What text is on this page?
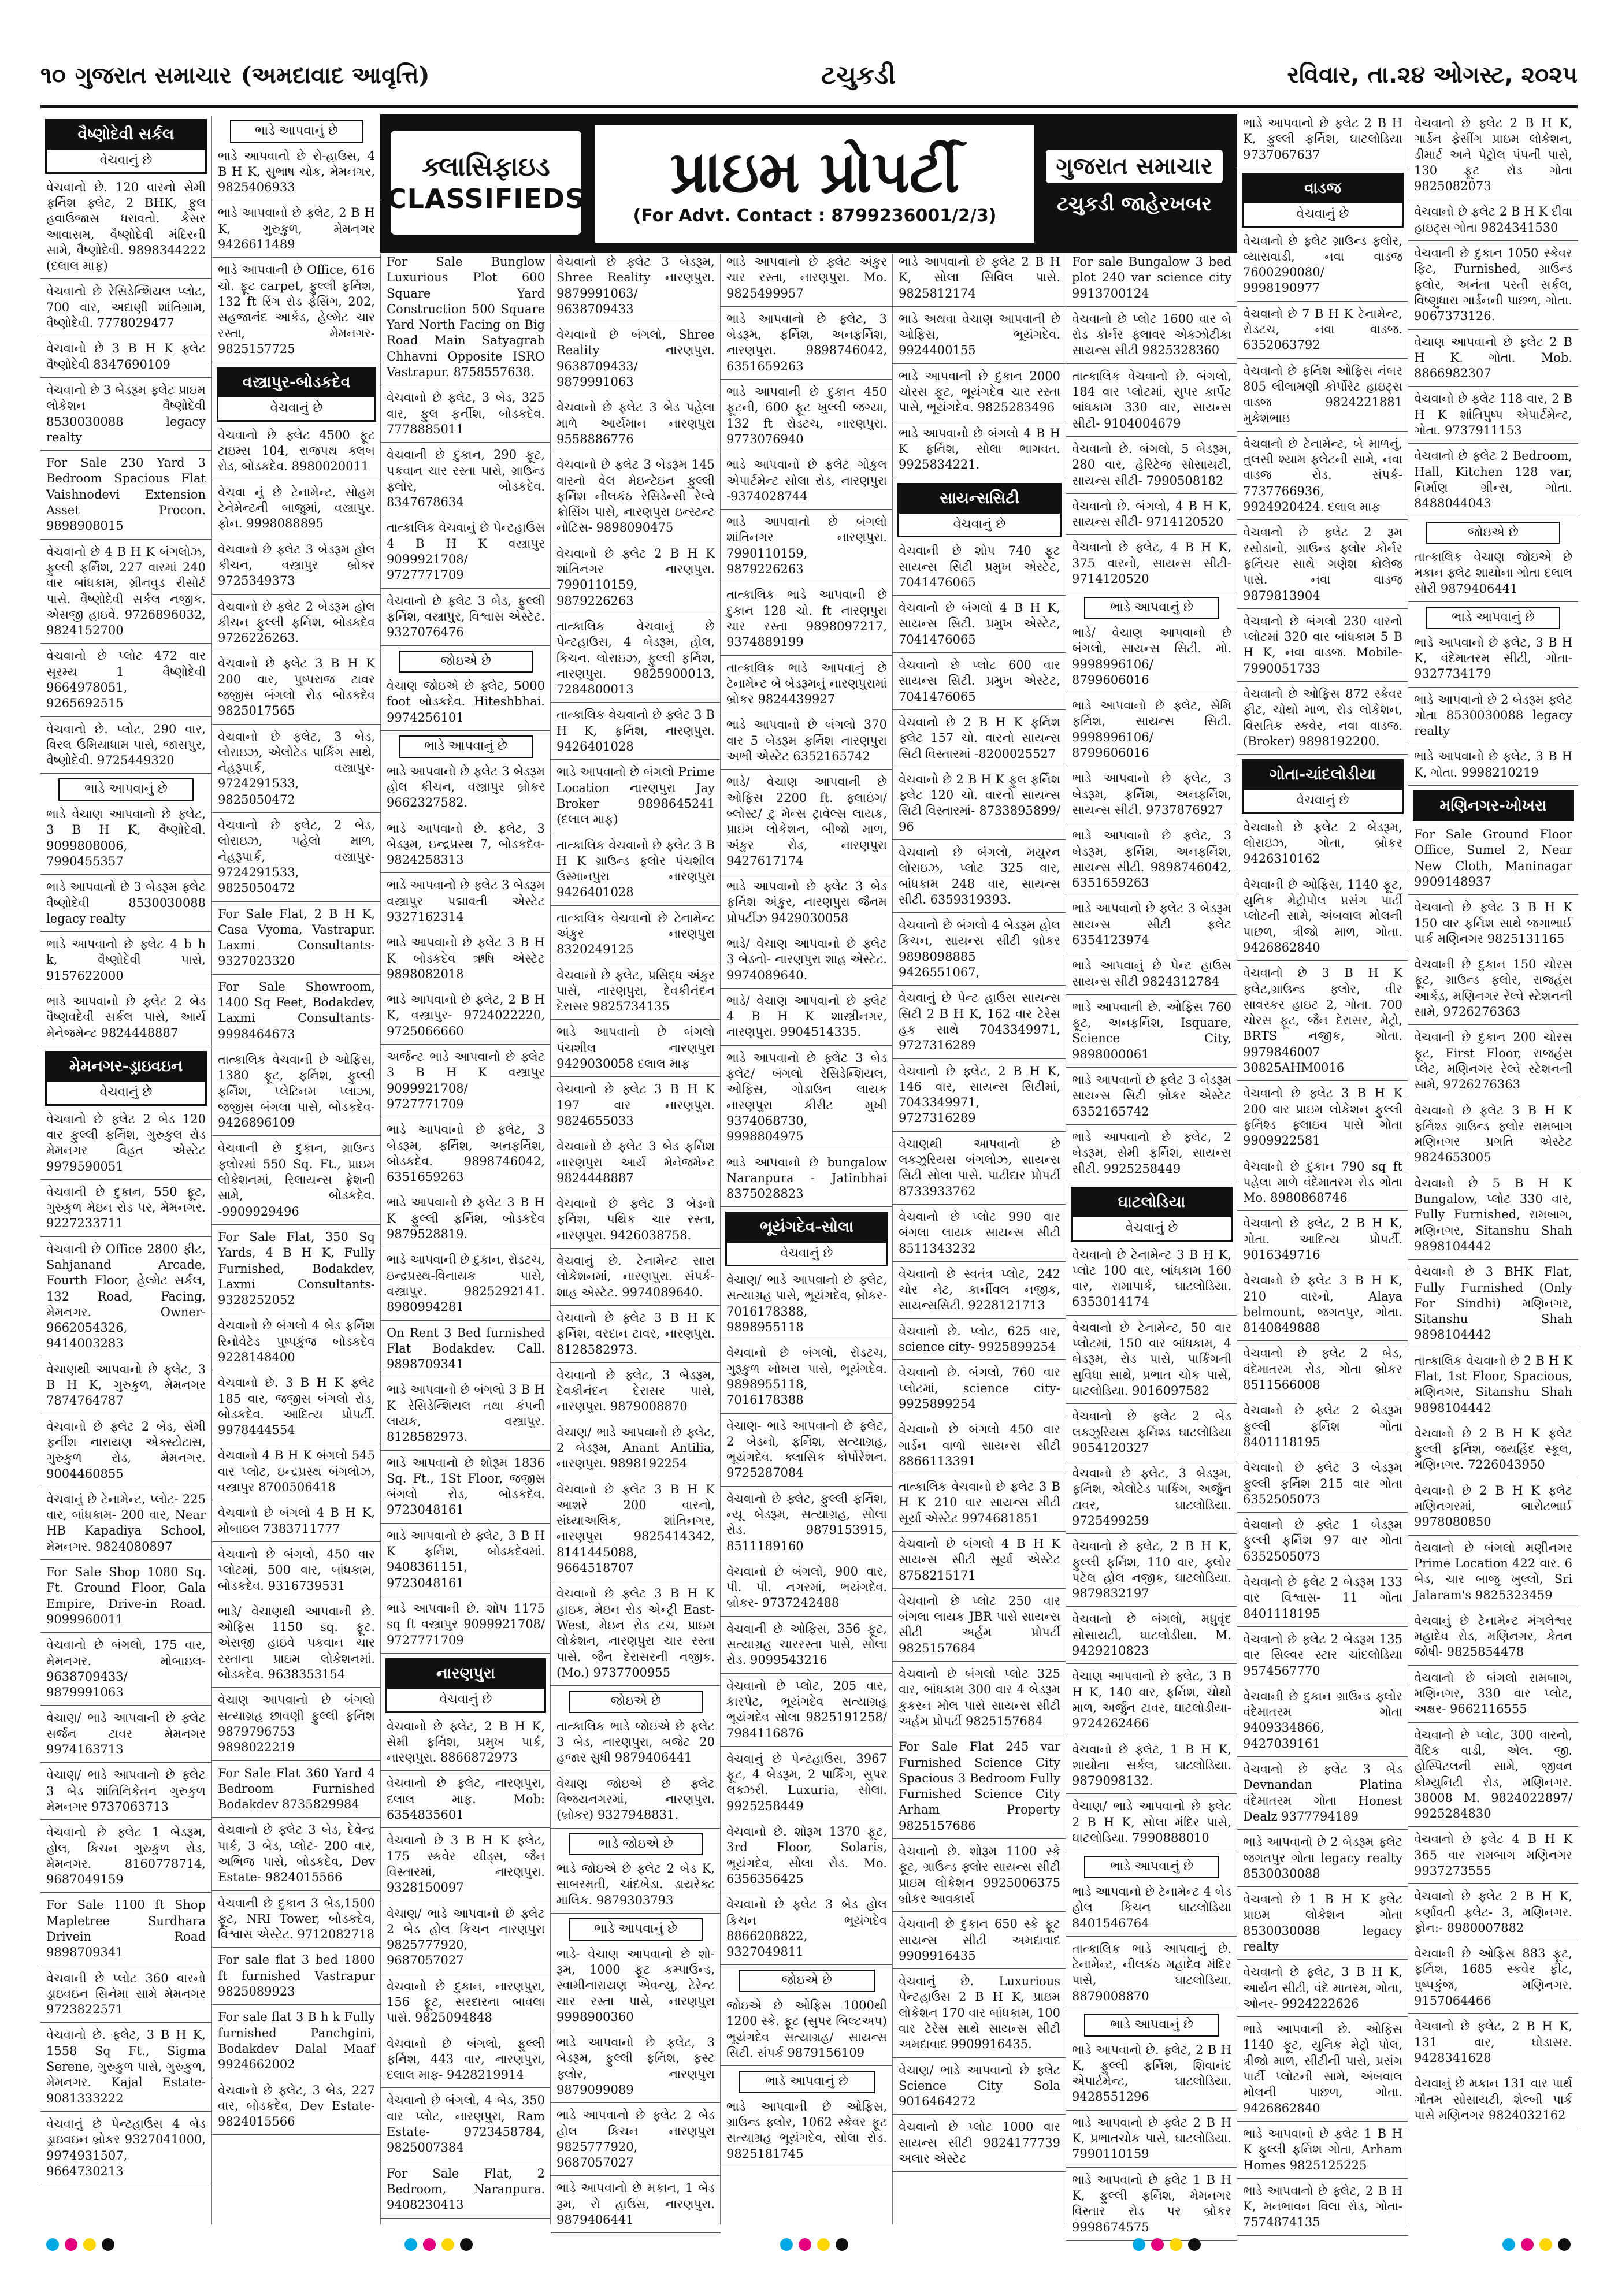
૧૦ ગુજરાત સમાચાર (અમદાવાદ આવૃત્તિ)	ટચુકડી	રવિવાર, તા.૨૪ ઓગસ્ટ, ૨૦૨૫
વૈષ્ણોદેવી સર્કલ
વેચવાનું છે

વેચવાનો છે. 120 વારનો સેમી ફર્નિશ ફ્લેટ, 2 BHK, ફુલ હવાઉજાસ ધરાવતો. કેસર આવાસમ, વૈષ્ણોદેવી મંદિરની સામે, વૈષ્ણોદેવી. 9898344222 (દલાલ માફ)

વેચવાનો છે રેસિડેન્શિયલ પ્લોટ, 700 વાર, અદાણી શાંતિગ્રામ, વૈષ્ણોદેવી. 7778029477

વેચવાનો છે 3 B H K ફ્લેટ વૈષ્ણોદેવી 8347690109

વેચવાનો છે 3 બેડરૂમ ફ્લેટ પ્રાઇમ લોકેશન વૈષ્ણોદેવી 8530030088 legacy realty

For Sale 230 Yard 3 Bedroom Spacious Flat Vaishnodevi Extension Asset Procon. 9898908015

વેચવાનો છે 4 B H K બંગલોઝ, ફુલ્લી ફર્નિશ, 227 વારમાં 240 વાર બાંધકામ, ગ્રીનવુડ રીસોર્ટ પાસે. વૈષ્ણોદેવી સર્કલ નજીક. એસજી હાઇવે. 9726896032, 9824152700

વેચવાનો છે પ્લોટ 472 વાર સૂરમ્ય 1 વૈષ્ણોદેવી 9664978051, 9265692515

વેચવાનો છે. પ્લોટ, 290 વાર, વિરલ ઉમિયાધામ પાસે, જાસપુર, વૈષ્ણોદેવી. 9725449320

ભાડે આપવાનું છે

ભાડે વેચાણ આપવાનો છે ફ્લેટ, 3 B H K, વૈષ્ણોદેવી. 9099808006, 7990455357

ભાડે આપવાનો છે 3 બેડરૂમ ફ્લેટ વૈષ્ણોદેવી 8530030088 legacy realty

ભાડે આપવાનો છે ફ્લેટ 4 b h k, વૈષ્ણોદેવી પાસે, 9157622000

ભાડે આપવાનો છે ફ્લેટ 2 બેડ વૈષ્ણવદેવી સર્કલ પાસે, આર્ય મેનેજમેન્ટ 9824448887

મેમનગર-ડ્રાઇવઇન
વેચવાનું છે

વેચવાનો છે ફ્લેટ 2 બેડ 120 વાર ફુલ્લી ફર્નિશ, ગુરુકુલ રોડ મેમનગર વિહત એસ્ટેટ 9979590051

વેચવાની છે દુકાન, 550 ફૂટ, ગુરુકુળ મેઇન રોડ પર, મેમનગર. 9227233711

વેચવાની છે Office 2800 ફીટ, Sahjanand Arcade, Fourth Floor, હેલ્મેટ સર્કલ, 132 Road, Facing, મેમનગર. Owner- 9662054326, 9414003283

વેચાણથી આપવાનો છે ફ્લેટ, 3 B H K, ગુરુકુળ, મેમનગર 7874764787

વેચવાનો છે ફ્લેટ 2 બેડ, સેમી ફર્નીશ નારાયણ એક્સ્ટોટાસ, ગુરુકુળ રોડ, મેમનગર. 9004460855

વેચવાનું છે ટેનામેન્ટ, પ્લોટ- 225 વાર, બાંધકામ- 200 વાર, Near HB Kapadiya School, મેમનગર. 9824080897

For Sale Shop 1080 Sq. Ft. Ground Floor, Gala Empire, Drive-in Road. 9099960011

વેચવાનો છે બંગલો, 175 વાર, મેમનગર. મોબાઇલ- 9638709433/ 9879991063

વેચાણ/ ભાડે આપવાની છે ફ્લેટ સર્જન ટાવર મેમનગર 9974163713

વેચાણ/ ભાડે આપવાનો છે ફ્લેટ 3 બેડ શાંતિનિકેતન ગુરુકુળ મેમનગર 9737063713

વેચવાનો છે ફ્લેટ 1 બેડરૂમ, હોલ, કિચન ગુરુકુળ રોડ, મેમનગર. 8160778714, 9687049159

For Sale 1100 ft Shop Mapletree Surdhara Drivein Road 9898709341

વેચવાની છે પ્લોટ 360 વારનો ડ્રાઇવઇન સિનેમા સામે મેમનગર 9723822571

વેચવાનો છે. ફ્લેટ, 3 B H K, 1558 Sq Ft., Sigma Serene, ગુરુકુળ પાસે, ગુરુકુળ, મેમનગર. Kajal Estate- 9081333222

વેચવાનું છે પેન્ટહાઉસ 4 બેડ ડ્રાઇવઇન બ્રોકર 9327041000, 9974931507, 9664730213

ભાડે આપવાનું છે

ભાડે આપવાનો છે રો-હાઉસ, 4 B H K, સુભાષ ચોક, મેમનગર, 9825406933

ભાડે આપવાનો છે ફ્લેટ, 2 B H K, ગુરુકુળ, મેમનગર 9426611489

ભાડે આપવાની છે Office, 616 ચો. ફૂટ carpet, ફુલ્લી ફર્નિશ, 132 ft રિંગ રોડ ફેસિંગ, 202, સહજાનંદ આર્કેડ, હેલ્મેટ ચાર રસ્તા, મેમનગર- 9825157725

વસ્ત્રાપુર-બોડકદેવ
વેચવાનું છે

વેચવાનો છે ફ્લેટ 4500 ફૂટ ટાઇમ્સ 104, રાજપથ ક્લબ રોડ, બોડકદેવ. 8980020011

વેચવા નું છે ટેનામેન્ટ, સોહમ ટેનેમેન્ટની બાજુમાં, વસ્ત્રાપુર. ફોન. 9998088895

વેચવાનો છે ફ્લેટ 3 બેડરૂમ હોલ કીચન, વસ્ત્રાપુર બ્રોકર 9725349373

વેચવાનો છે ફ્લેટ 2 બેડરૂમ હોલ કીચન ફુલ્લી ફર્નિશ, બોડકદેવ 9726226263.

વેચવાનો છે ફ્લેટ 3 B H K 200 વાર, પુષ્પરાજ ટાવર જજીસ બંગલો રોડ બોડકદેવ 9825017565

વેચવાનો છે ફ્લેટ, 3 બેડ, લોરાઇઝ, એલોટેડ પાર્કિંગ સાથે, નેહરૂપાર્ક, વસ્ત્રાપુર- 9724291533, 9825050472

વેચવાનો છે ફ્લેટ, 2 બેડ, લોરાઇઝ, પહેલો માળ, નેહરૂપાર્ક, વસ્ત્રાપુર- 9724291533, 9825050472

For Sale Flat, 2 B H K, Casa Vyoma, Vastrapur. Laxmi Consultants- 9327023320

For Sale Showroom, 1400 Sq Feet, Bodakdev, Laxmi Consultants- 9998464673

તાત્કાલિક વેચવાની છે ઓફિસ, 1380 ફૂટ, ફર્નિશ, ફુલ્લી ફર્નિશ, પ્લેટિનમ પ્લાઝા, જજીસ બંગલા પાસે, બોડકદેવ- 9426896109

વેચવાની છે દુકાન, ગ્રાઉન્ડ ફ્લોરમાં 550 Sq. Ft., પ્રાઇમ લોકેશનમાં, રિલાયન્સ ફ્રેશની સામે, બોડકદેવ. -9909929496

For Sale Flat, 350 Sq Yards, 4 B H K, Fully Furnished, Bodakdev, Laxmi Consultants- 9328252052

વેચવાનો છે બંગલો 4 બેડ ફર્નિશ રિનોવેટેડ પુષ્પકુંજ બોડકદેવ 9228148400

વેચવાનો છે. 3 B H K ફ્લેટ 185 વાર, જજીસ બંગલો રોડ, બોડકદેવ. આદિત્ય પ્રોપર્ટી. 9978444554

વેચવાનો 4 B H K બંગલો 545 વાર પ્લોટ, ઇન્દ્રપ્રસ્થ બંગલોઝ, વસ્ત્રાપુર 8700506418

વેચવાનો છે બંગલો 4 B H K, મોબાઇલ 7383711777

વેચવાનો છે બંગલો, 450 વાર પ્લોટમાં, 500 વાર, બાંધકામ, બોડકદેવ. 9316739531

ભાડે/ વેચાણથી આપવાની છે. ઓફિસ 1150 sq. ફૂટ. એસજી હાઇવે પકવાન ચાર રસ્તાના પ્રાઇમ લોકેશનમાં. બોડકદેવ. 9638353154

વેચાણ આપવાનો છે બંગલો સત્યાગ્રહ છાવણી ફુલ્લી ફર્નિશ 9879796753 9898022219

For Sale Flat 360 Yard 4 Bedroom Furnished Bodakdev 8735829984

વેચવાનો છે ફ્લેટ 3 બેડ, દેવેન્દ્ર પાર્ક, 3 બેડ, પ્લોટ- 200 વાર, અભિજ પાસે, બોડકદેવ, Dev Estate- 9824015566

વેચવાની છે દુકાન 3 બેડ,1500 ફૂટ, NRI Tower, બોડકદેવ, વિશ્વાસ એસ્ટેટ. 9712082718

For sale flat 3 bed 1800 ft furnished Vastrapur 9825089923

For sale flat 3 B h k Fully furnished Panchgini, Bodakdev Dalal Maaf 9924662002

વેચવાનો છે ફ્લેટ, 3 બેડ, 227 વાર, બોડકદેવ, Dev Estate- 9824015566

For Sale Bunglow Luxurious Plot 600 Square Yard Construction 500 Square Yard North Facing on Big Road Main Satyagrah Chhavni Opposite ISRO Vastrapur. 8758557638.

વેચવાનો છે ફ્લેટ, 3 બેડ, 325 વાર, ફુલ ફર્નીશ, બોડકદેવ. 7778885011

વેચવાની છે દુકાન, 290 ફૂટ, પકવાન ચાર રસ્તા પાસે, ગ્રાઉન્ડ ફ્લોર, બોડકદેવ. 8347678634

તાત્કાલિક વેચવાનું છે પેન્ટહાઉસ 4 B H K વસ્ત્રાપુર 9099921708/ 9727771709

વેચવાનો છે ફ્લેટ 3 બેડ, ફુલ્લી ફર્નિશ, વસ્ત્રાપુર, વિશ્વાસ એસ્ટેટ. 9327076476

જોઇએ છે

વેચાણ જોઇએ છે ફ્લેટ, 5000 foot બોડકદેવ. Hiteshbhai. 9974256101

ભાડે આપવાનું છે

ભાડે આપવાનો છે ફ્લેટ 3 બેડરૂમ હોલ કીચન, વસ્ત્રાપુર બ્રોકર 9662327582.

ભાડે આપવાનો છે. ફ્લેટ, 3 બેડરૂમ, ઇન્દ્રપ્રસ્થ 7, બોડકદેવ- 9824258313

ભાડે આપવાનો છે ફ્લેટ 3 બેડરૂમ વસ્ત્રાપુર પદ્માવતી એસ્ટેટ 9327162314

ભાડે આપવાનો છે ફ્લેટ 3 B H K બોડકદેવ ઋષિ એસ્ટેટ 9898082018

ભાડે આપવાનો છે ફ્લેટ, 2 B H K, વસ્ત્રાપુર- 9724022220, 9725066660

અર્જન્ટ ભાડે આપવાનો છે ફ્લેટ 3 B H K વસ્ત્રાપુર 9099921708/ 9727771709

ભાડે આપવાનો છે ફ્લેટ, 3 બેડરૂમ, ફર્નિશ, અનફર્નિશ, બોડકદેવ. 9898746042, 6351659263

ભાડે આપવાનો છે ફ્લેટ 3 B H K ફુલ્લી ફર્નિશ, બોડકદેવ 9879528819.

ભાડે આપવાની છે દુકાન, રોડટચ, ઇન્દ્રપ્રસ્થ-વિનાયક પાસે, વસ્ત્રાપુર. 9825292141. 8980994281

On Rent 3 Bed furnished Flat Bodakdev. Call. 9898709341

ભાડે આપવાનો છે બંગલો 3 B H K રેસિડેન્શિયલ તથા કંપની લાયક, વસ્ત્રાપુર. 8128582973.

ભાડે આપવાનો છે શોરૂમ 1836 Sq. Ft., 1St Floor, જજીસ બંગલો રોડ, બોડકદેવ. 9723048161

ભાડે આપવાનો છે ફ્લેટ, 3 B H K ફર્નિશ, બોડકદેવમાં. 9408361151, 9723048161

ભાડે આપવાની છે. શોપ 1175 sq ft વસ્ત્રાપુર 9099921708/ 9727771709

નારણપુરા
વેચવાનું છે

વેચવાનો છે ફ્લેટ, 2 B H K, સેમી ફર્નિશ, પ્રમુખ પાર્ક, નારણપુરા. 8866872973

વેચવાનો છે ફ્લેટ, નારણપુરા, દલાલ માફ. Mob: 6354835601

વેચવાનો છે 3 B H K ફ્લેટ, 175 સ્કવેર યીડ્સ, જૈન વિસ્તારમાં, નારણપુરા. 9328150097

વેચાણ/ ભાડે આપવાનો છે ફ્લેટ 2 બેડ હોલ કિચન નારણપુરા 9825777920, 9687057027

વેચવાનો છે દુકાન, નારણપુરા, 156 ફૂટ, સરદારના બાવલા પાસે. 9825094848

વેચવાનો છે બંગલો, ફુલ્લી ફર્નિશ, 443 વાર, નારણપુરા, દલાલ માફ- 9428219914

વેચવાનો છે બંગલો, 4 બેડ, 350 વાર પ્લોટ, નારણપુરા, Ram Estate- 9723458784, 9825007384

For Sale Flat, 2 Bedroom, Naranpura. 9408230413

વેચવાનો છે ફ્લેટ 3 બેડરૂમ, Shree Reality નારણપુરા. 9879991063/ 9638709433

વેચવાનો છે બંગલો, Shree Reality નારણપુરા. 9638709433/ 9879991063

વેચવાનો છે ફ્લેટ 3 બેડ પહેલા માળે આર્યમાન નારણપુરા 9558886776

વેચવાનો છે ફ્લેટ 3 બેડરૂમ 145 વારનો વેલ મેઇન્ટેઇન ફુલ્લી ફર્નિશ નીલકંઠ રેસિડેન્સી રેલ્વે ક્રોસિંગ પાસે, નારણપુરા ઇન્સ્ટન્ટ નોટિસ- 9898090475

વેચવાનો છે ફ્લેટ 2 B H K શાંતિનગર નારણપુરા. 7990110159, 9879226263

તાત્કાલિક વેચવાનું છે પેન્ટહાઉસ, 4 બેડરૂમ, હોલ, કિચન. લોરાઇઝ, ફુલ્લી ફર્નિશ, નારણપુરા. 9825900013, 7284800013

તાત્કાલિક વેચવાનો છે ફ્લેટ 3 B H K, ફર્નિશ, નારણપુરા. 9426401028

ભાડે આપવાનો છે બંગલો Prime Location નારણપુરા Jay Broker 9898645241 (દલાલ માફ)

તાત્કાલિક વેચવાનો છે ફ્લેટ 3 B H K ગ્રાઉન્ડ ફ્લોર પંચશીલ ઉસ્માનપુરા નારણપુરા 9426401028

તાત્કાલિક વેચવાનો છે ટેનામેન્ટ અંકુર નારણપુરા 8320249125

વેચવાનો છે ફ્લેટ, પ્રસિદ્ધ અંકુર પાસે, નારણપુરા, દેવકીનંદન દેરાસર 9825734135

ભાડે આપવાનો છે બંગલો પંચશીલ નારણપુરા 9429030058 દલાલ માફ

વેચવાનો છે ફ્લેટ 3 B H K 197 વાર નારણપુરા. 9824655033

વેચવાનો છે ફ્લેટ 3 બેડ ફર્નિશ નારણપુરા આર્ય મેનેજમેન્ટ 9824448887

વેચવાનો છે ફ્લેટ 3 બેડનો ફર્નિશ, પથિક ચાર રસ્તા, નારણપુરા. 9426038758.

વેચવાનું છે. ટેનામેન્ટ સારા લોકેશનમાં, નારણપુરા. સંપર્ક- શાહ એસ્ટેટ. 9974089640.

વેચવાનો છે ફ્લેટ 3 B H K ફર્નિશ, વરદાન ટાવર, નારણપુરા. 8128582973.

વેચવાનો છે ફ્લેટ, 3 બેડરૂમ, દેવકીનંદન દેરાસર પાસે, નારણપુરા. 9879008870

વેચાણ/ ભાડે આપવાનો છે ફ્લેટ, 2 બેડરૂમ, Anant Antilia, નારણપુરા. 9898192254

વેચવાનો છે ફ્લેટ 3 B H K આશરે 200 વારનો, સંધ્યાઅલિક, શાંતિનગર, નારણપુરા 9825414342, 8141445088, 9664518707

વેચવાનો છે ફ્લેટ 3 B H K હાઇક, મેઇન રોડ એન્ટ્રી East-West, મેઇન રોડ ટચ, પ્રાઇમ લોકેશન, નારણપુરા ચાર રસ્તા પાસે. જૈન દેરાસરની નજીક. (Mo.) 9737700955

જોઇએ છે

તાત્કાલિક ભાડે જોઇએ છે ફ્લેટ 3 બેડ, નારણપુરા, બજેટ 20 હજાર સુધી 9879406441

વેચાણ જોઇએ છે ફ્લેટ વિજયનગરમાં, નારણપુરા. (બ્રોકર) 9327948831.

ભાડે જોઇએ છે

ભાડે જોઇએ છે ફ્લેટ 2 બેડ K, સાબરમતી, ચાંદખેડા. ડાયરેક્ટ માલિક. 9879303793

ભાડે આપવાનું છે

ભાડે- વેચાણ આપવાનો છે શો-રૂમ, 1000 ફૂટ કમ્પાઉન્ડ, સ્વામીનારાયણ એવન્યુ, ટેરેન્ટ ચાર રસ્તા પાસે, નારણપુરા 9998900360

ભાડે આપવાનો છે ફ્લેટ, 3 બેડરૂમ, ફુલ્લી ફર્નિશ, ફસ્ટ ફ્લોર, નારણપુરા 9879099089

ભાડે આપવાનો છે ફ્લેટ 2 બેડ હોલ કિચન નારણપુરા 9825777920, 9687057027

ભાડે આપવાનો છે મકાન, 1 બેડ રૂમ, રો હાઉસ, નારણપુરા. 9879406441

ભાડે આપવાનો છે ફ્લેટ અંકુર ચાર રસ્તા, નારણપુરા. Mo. 9825499957

ભાડે આપવાનો છે ફ્લેટ, 3 બેડરૂમ, ફર્નિશ, અનફર્નિશ, નારણપુરા. 9898746042, 6351659263

ભાડે આપવાની છે દુકાન 450 ફૂટની, 600 ફૂટ ખુલ્લી જગ્યા, 132 ft રોડટચ, નારણપુરા. 9773076940

ભાડે આપવાનો છે ફ્લેટ ગોકુલ એપાર્ટમેન્ટ સોલા રોડ, નારણપુરા -9374028744

ભાડે આપવાનો છે બંગલો શાંતિનગર નારણપુરા. 7990110159, 9879226263

તાત્કાલિક ભાડે આપવાની છે દુકાન 128 ચો. ft નારણપુરા ચાર રસ્તા 9898097217, 9374889199

તાત્કાલિક ભાડે આપવાનું છે ટેનામેન્ટ બે બેડરૂમનું નારણપુરામાં બ્રોકર 9824439927

ભાડે આપવાનો છે બંગલો 370 વાર 5 બેડરૂમ ફર્નિશ નારણપુરા અભી એસ્ટેટ 6352165742

ભાડે/ વેચાણ આપવાની છે ઓફિસ 2200 ft. ફ્લાઇંગ/ બ્લોસ્ટ/ ટુ મેન્સ ટ્રાવેલ્સ લાયક, પ્રાઇમ લોકેશન, બીજો માળ, અંકુર રોડ, નારણપુરા 9427617174

ભાડે આપવાનો છે ફ્લેટ 3 બેડ ફર્નિશ અંકુર, નારણપુરા જૈનમ પ્રોપર્ટીઝ 9429030058

ભાડે/ વેચાણ આપવાનો છે ફ્લેટ 3 બેડનો- નારણપુરા શાહ એસ્ટેટ. 9974089640.

ભાડે/ વેચાણ આપવાનો છે ફ્લેટ 4 B H K શાસ્ત્રીનગર, નારણપુરા. 9904514335.

ભાડે આપવાનો છે ફ્લેટ 3 બેડ ફ્લેટ/ બંગલો રેસિડેન્શિયલ, ઓફિસ, ગોડાઉન લાયક નારણપુરા કીરીટ મુખી 9374068730, 9998804975

ભાડે આપવાનો છે bungalow Naranpura - Jatinbhai 8375028823

ભૂયંગદેવ-સોલા
વેચવાનું છે

વેચાણ/ ભાડે આપવાનો છે ફ્લેટ, સત્યાગ્રહ પાસે, ભૂયંગદેવ, બ્રોકર- 7016178388, 9898955118

વેચવાનો છે બંગલો, રોડટચ, ગુરૂકુળ ખોખરા પાસે, ભૂયંગદેવ. 9898955118, 7016178388

વેચાણ- ભાડે આપવાનો છે ફ્લેટ, 2 બેડનો, ફર્નિશ, સત્યાગ્રહ, ભૂયંગદેવ. ક્લાસિક કોર્પોરેશન. 9725287084

વેચવાનો છે ફ્લેટ, ફુલ્લી ફર્નિશ, ન્યૂ બેડરૂમ, સત્યાગ્રહ, સોલા રોડ. 9879153915, 8511189160

વેચવાનો છે બંગલો, 900 વાર, પી. પી. નગરમાં, ભયંગદેવ. બ્રોકર- 9737242488

વેચવાની છે ઓફિસ, 356 ફૂટ, સત્યાગ્રહ ચારરસ્તા પાસે, સોલા રોડ. 9099543216

વેચવાનો છે પ્લોટ, 205 વાર, કારપેટ, ભૂયંગદેવ સત્યાગ્રહ ભૂયંગદેવ સોલા 9825191258/ 7984116876

વેચવાનું છે પેન્ટહાઉસ, 3967 ફૂટ, 4 બેડરૂમ, 2 પાર્કિંગ, સુપર લક્ઝરી. Luxuria, સોલા. 9925258449

વેચવાનો છે. શોરૂમ 1370 ફૂટ, 3rd Floor, Solaris, ભૂયંગદેવ, સોલા રોડ. Mo. 6356356425

વેચવાનો છે ફ્લેટ 3 બેડ હોલ કિચન ભૂયંગદેવ 8866208822, 9327049811

જોઇએ છે

જોઇએ છે ઓફિસ 1000થી 1200 સ્કે. ફૂટ (સુપર બિલ્ટઅપ) ભૂયંગદેવ સત્યાગ્રહ/ સાયન્સ સિટી. સંપર્ક 9879156109

ભાડે આપવાનું છે

ભાડે આપવાની છે ઓફિસ, ગ્રાઉન્ડ ફ્લોર, 1062 સ્કેવર ફૂટ સત્યાગ્રહ ભૂયંગદેવ, સોલા રોડ. 9825181745

ભાડે આપવાનો છે ફ્લેટ 2 B H K, સોલા સિવિલ પાસે. 9825812174

ભાડે અથવા વેચાણ આપવાની છે ઓફિસ, ભૂયંગદેવ. 9924400155

ભાડે આપવાની છે દુકાન 2000 ચોરસ ફૂટ, ભૂયંગદેવ ચાર રસ્તા પાસે, ભૂયંગદેવ. 9825283496

ભાડે આપવાનો છે બંગલો 4 B H K ફર્નિશ, સોલા ભાગવત. 9925834221.

સાયન્સસિટી
વેચવાનું છે

વેચવાની છે શોપ 740 ફૂટ સાયન્સ સિટી પ્રમુખ એસ્ટેટ, 7041476065

વેચવાનો છે બંગલો 4 B H K, સાયન્સ સિટી. પ્રમુખ એસ્ટેટ, 7041476065

વેચવાનો છે પ્લોટ 600 વાર સાયન્સ સિટી. પ્રમુખ એસ્ટેટ, 7041476065

વેચવાનો છે 2 B H K ફર્નિશ ફ્લેટ 157 ચો. વારનો સાયન્સ સિટી વિસ્તારમાં -8200025527

વેચવાનો છે 2 B H K ફુલ ફર્નિશ ફ્લેટ 120 ચો. વારનો સાયન્સ સિટી વિસ્તારમાં- 8733895899/ 96

વેચવાનો છે બંગલો, મયુરન લોરાઇઝ, પ્લોટ 325 વાર, બાંધકામ 248 વાર, સાયન્સ સીટી. 6359319393.

વેચવાનો છે બંગલો 4 બેડરૂમ હોલ કિચન, સાયન્સ સીટી બ્રોકર 9898098885 9426551067,

વેચવાનું છે પેન્ટ હાઉસ સાયન્સ સિટી 2 B H K, 162 વાર ટેરેસ હક સાથે 7043349971, 9727316289

વેચવાનો છે ફ્લેટ, 2 B H K, 146 વાર, સાયન્સ સિટીમાં, 7043349971, 9727316289

વેચાણથી આપવાનો છે લક્ઝુરિયસ બંગલોઝ, સાયન્સ સિટી સોલા પાસે. પાટીદાર પ્રોપર્ટી 8733933762

વેચવાનો છે પ્લોટ 990 વાર બંગલા લાયક સાયન્સ સીટી 8511343232

વેચવાનો છે સ્વતંત્ર પ્લોટ, 242 ચોર નેટ, કાર્નીવલ નજીક, સાયન્સસિટી. 9228121713

વેચવાનો છે. પ્લોટ, 625 વાર, science city- 9925899254

વેચવાનો છે. બંગલો, 760 વાર પ્લોટમાં, science city- 9925899254

વેચવાનો છે બંગલો 450 વાર ગાર્ડન વાળો સાયન્સ સીટી 8866113391

તાત્કાલિક વેચવાનો છે ફ્લેટ 3 B H K 210 વાર સાયન્સ સીટી સૂર્યા એસ્ટેટ 9974681851

વેચવાનો છે બંગલો 4 B H K સાયન્સ સીટી સૂર્યા એસ્ટેટ 8758215171

વેચવાનો છે પ્લોટ 250 વાર બંગલા લાયક JBR પાસે સાયન્સ સીટી અર્હમ પ્રોપર્ટી 9825157684

વેચવાનો છે બંગલો પ્લોટ 325 વાર, બાંધકામ 300 વાર 4 બેડરૂમ કુકરન મોલ પાસે સાયન્સ સીટી અર્હમ પ્રોપર્ટી 9825157684

For Sale Flat 245 var Furnished Science City Spacious 3 Bedroom Fully Furnished Science City Arham Property 9825157686

વેચવાનો છે. શોરૂમ 1100 સ્કે ફૂટ, ગ્રાઉન્ડ ફ્લોર સાયન્સ સીટી પ્રાઇમ લોકેશન 9925006375 બ્રોકર આવકાર્ય

વેચવાની છે દુકાન 650 સ્કે ફૂટ સાયન્સ સીટી અમદાવાદ 9909916435

વેચવાનું છે. Luxurious પેન્ટહાઉસ 2 B H K, પ્રાઇમ લોકેશન 170 વાર બાંધકામ, 100 વાર ટેરેસ સાથે સાયન્સ સીટી અમદાવાદ 9909916435.

વેચાણ/ ભાડે આપવાનો છે ફ્લેટ Science City Sola 9016464272

વેચવાનો છે પ્લોટ 1000 વાર સાયન્સ સીટી 9824177739 અલાર એસ્ટેટ

For sale Bungalow 3 bed plot 240 var science city 9913700124

વેચવાનો છે પ્લોટ 1600 વાર બે રોડ કોર્નર ફ્લાવર એક્ઝોટીકા સાયન્સ સીટી 9825328360

તાત્કાલિક વેચવાનો છે. બંગલો, 184 વાર પ્લોટમાં, સુપર કાર્પેટ બાંધકામ 330 વાર, સાયન્સ સીટી- 9104004679

વેચવાનો છે. બંગલો, 5 બેડરૂમ, 280 વાર, હેરિટેજ સોસાયટી, સાયન્સ સીટી- 7990508182

વેચવાનો છે. બંગલો, 4 B H K, સાયન્સ સીટી- 9714120520

વેચવાનો છે ફ્લેટ, 4 B H K, 375 વારનો, સાયન્સ સીટી- 9714120520

ભાડે આપવાનું છે

ભાડે/ વેચાણ આપવાનો છે બંગલો, સાયન્સ સિટી. મો. 9998996106/ 8799606016

ભાડે આપવાનો છે ફ્લેટ, સેમિ ફર્નિશ, સાયન્સ સિટી. 9998996106/ 8799606016

ભાડે આપવાનો છે ફ્લેટ, 3 બેડરૂમ, ફર્નિશ, અનફર્નિશ, સાયન્સ સીટી. 9737876927

ભાડે આપવાનો છે ફ્લેટ, 3 બેડરૂમ, ફર્નિશ, અનફર્નિશ, સાયન્સ સીટી. 9898746042, 6351659263

ભાડે આપવાનો છે ફ્લેટ 3 બેડરૂમ સાયન્સ સીટી ફ્લેટ 6354123974

ભાડે આપવાનું છે પેન્ટ હાઉસ સાયન્સ સીટી 9824312784

ભાડે આપવાની છે. ઓફિસ 760 ફૂટ, અનફર્નિશ, Isquare, Science City, 9898000061

ભાડે આપવાનો છે ફ્લેટ 3 બેડરૂમ સાયન્સ સિટી બ્રોકર એસ્ટેટ 6352165742

ભાડે આપવાનો છે ફ્લેટ, 2 બેડરૂમ, સેમી ફર્નિશ, સાયન્સ સીટી. 9925258449

ઘાટલોડિયા
વેચવાનું છે

વેચવાનો છે ટેનામેન્ટ 3 B H K, પ્લોટ 100 વાર, બાંધકામ 160 વાર, રામાપાર્ક, ઘાટલોડિયા. 6353014174

વેચવાનો છે ટેનામેન્ટ, 50 વાર પ્લોટમાં, 150 વાર બાંધકામ, 4 બેડરૂમ, રોડ પાસે, પાર્કિંગની સુવિધા સાથે, પ્રભાત ચોક પાસે, ઘાટલોડિયા. 9016097582

વેચવાનો છે ફ્લેટ 2 બેડ લક્ઝુરિયસ ફર્નિશ્ડ ઘાટલોડિયા 9054120327

વેચવાનો છે ફ્લેટ, 3 બેડરૂમ, ફર્નિશ, એલોટેડ પાર્કિંગ, અર્જુન ટાવર, ઘાટલોડિયા. 9725499259

વેચવાનો છે ફ્લેટ, 2 B H K, ફુલ્લી ફર્નિશ, 110 વાર, ફ્લોર પટેલ હોલ નજીક, ઘાટલોડિયા. 9879832197

વેચવાનો છે બંગલો, મધુવૃંદ સોસાયટી, ઘાટલોડીયા. M. 9429210823

વેચાણ આપવાનો છે ફ્લેટ, 3 B H K, 140 વાર, ફર્નિશ, ચોથો માળ, અર્જુન ટાવર, ઘાટલોડીયા- 9724262466

વેચવાનો છે ફ્લેટ, 1 B H K, શાયોના સર્કલ, ઘાટલોડિયા. 9879098132.

વેચાણ/ ભાડે આપવાનો છે ફ્લેટ 2 B H K, સોલા મંદિર પાસે, ઘાટલોડિયા. 7990888010

ભાડે આપવાનું છે

ભાડે આપવાનો છે ટેનામેન્ટ 4 બેડ હોલ કિચન ઘાટલોડિયા 8401546764

તાત્કાલિક ભાડે આપવાનું છે. ટેનામેન્ટ, નીલકંઠ મહાદેવ મંદિર પાસે, ઘાટલોડિયા. 8879008870

ભાડે આપવાનું છે

ભાડે આપવાનો છે. ફ્લેટ, 2 B H K, ફુલ્લી ફર્નિશ, શિવાનંદ એપાર્ટમેન્ટ, ઘાટલોડિયા. 9428551296

ભાડે આપવાનો છે ફ્લેટ 2 B H K, પ્રભાતચોક પાસે, ઘાટલોડિયા. 7990110159

ભાડે આપવાનો છે ફ્લેટ 1 B H K, ફુલ્લી ફર્નિશ, મેમનગર વિસ્તાર રોડ પર બ્રોકર 9998674575

ભાડે આપવાનો છે ફ્લેટ 2 B H K, ફુલ્લી ફર્નિશ, ઘાટલોડિયા 9737067637

વાડજ
વેચવાનું છે

વેચવાનો છે ફ્લેટ ગ્રાઉન્ડ ફ્લોર, વ્યાસવાડી, નવા વાડજ 7600290080/ 9998190977

વેચવાનો છે 7 B H K ટેનામેન્ટ, રોડટચ, નવા વાડજ. 6352063792

વેચવાનો છે ફર્નિશ ઓફિસ નંબર 805 લીલામણી કોર્પોરેટ હાઇટ્સ વાડજ 9824221881 મુકેશભાઇ

વેચવાનો છે ટેનામેન્ટ, બે માળનું, તુલસી શ્યામ ફ્લેટની સામે, નવા વાડજ રોડ. સંપર્ક- 7737766936, 9924920424. દલાલ માફ

વેચવાનો છે ફ્લેટ 2 રૂમ રસોડાનો, ગ્રાઉન્ડ ફ્લોર કોર્નર ફર્નિચર સાથે ગણેશ કોલેજ પાસે. નવા વાડજ 9879813904

વેચવાનો છે બંગલો 230 વારનો પ્લોટમાં 320 વાર બાંધકામ 5 B H K, નવા વાડજ. Mobile- 7990051733

વેચવાનો છે ઓફિસ 872 સ્કેવર ફીટ, ચોથો માળ, રોડ લોકેશન, વિસતિક સ્કવેર, નવા વાડજ. (Broker) 9898192200.

ગોતા-ચાંદલોડીયા
વેચવાનું છે

વેચવાનો છે ફ્લેટ 2 બેડરૂમ, લોરાઇઝ, ગોતા, બ્રોકર 9426310162

વેચવાની છે ઓફિસ, 1140 ફૂટ, યુનિક મેટ્રોપોલ પ્રસંગ પાર્ટી પ્લોટની સામે, અંબવાલ મોલની પાછળ, ત્રીજો માળ, ગોતા. 9426862840

વેચવાનો છે 3 B H K ફ્લેટ,ગ્રાઉન્ડ ફ્લોર, વીર સાવરકર હાઇટ 2, ગોતા. 700 ચોરસ ફૂટ, જૈન દેરાસર, મેટ્રો, BRTS નજીક, ગોતા. 9979846007 30825AHM0016

વેચવાનો છે ફ્લેટ 3 B H K 200 વાર પ્રાઇમ લોકેશન ફુલ્લી ફર્નિશ્ડ ફ્લાઇવ પાસે ગોતા 9909922581

વેચવાનો છે દુકાન 790 sq ft પહેલા માળે વંદેમાતરમ રોડ ગોતા Mo. 8980868746

વેચવાનો છે ફ્લેટ, 2 B H K, ગોતા. આદિત્ય પ્રોપર્ટી. 9016349716

વેચવાનો છે ફ્લેટ 3 B H K, 210 વારનો, Alaya belmount, જગતપુર, ગોતા. 8140849888

વેચવાનો છે ફ્લેટ 2 બેડ, વંદેમાતરમ રોડ, ગોતા બ્રોકર 8511566008

વેચવાનો છે ફ્લેટ 2 બેડરૂમ ફુલ્લી ફર્નિશ ગોતા 8401118195

વેચવાનો છે ફ્લેટ 3 બેડરૂમ ફુલ્લી ફર્નિશ 215 વાર ગોતા 6352505073

વેચવાનો છે ફ્લેટ 1 બેડરૂમ ફુલ્લી ફર્નિશ 97 વાર ગોતા 6352505073

વેચવાનો છે ફ્લેટ 2 બેડરૂમ 133 વાર વિશ્વાસ- 11 ગોતા 8401118195

વેચવાનો છે ફ્લેટ 2 બેડરૂમ 135 વાર સિલ્વર સ્ટાર ચાંદલોડિયા 9574567770

વેચવાની છે દુકાન ગ્રાઉન્ડ ફ્લોર વંદેમાતરમ ગોતા 9409334866, 9427039161

વેચવાનો છે ફ્લેટ 3 બેડ Devnandan Platina વંદેમાતરમ ગોતા Honest Dealz 9377794189

ભાડે આપવાનો છે 2 બેડરૂમ ફ્લેટ જગતપુર ગોતા legacy realty 8530030088

વેચવાનો છે 1 B H K ફ્લેટ પ્રાઇમ લોકેશન ગોતા 8530030088 legacy realty

વેચવાનો છે ફ્લેટ, 3 B H K, આર્યન સીટી, વંદે માતરમ, ગોતા, ઓનર- 9924222626

ભાડે આપવાની છે. ઓફિસ 1140 ફૂટ, યુનિક મેટ્રો પોલ, ત્રીજો માળ, સીટીની પાસે, પ્રસંગ પાર્ટી પ્લોટની સામે, અંબવાલ મોલની પાછળ, ગોતા. 9426862840

ભાડે આપવાનો છે ફ્લેટ 1 B H K ફુલ્લી ફર્નિશ ગોતા, Arham Homes 9825125225

ભાડે આપવાનો છે ફ્લેટ, 2 B H K, મનભાવન વિલા રોડ, ગોતા- 7574874135

વેચવાનો છે ફ્લેટ 2 B H K, ગાર્ડન ફેસીંગ પ્રાઇમ લોકેશન, ડીમાર્ટ અને પેટ્રોલ પંપની પાસે, 130 ફૂટ રોડ ગોતા 9825082073

વેચવાનો છે ફ્લેટ 2 B H K દીવા હાઇટ્સ ગોતા 9824341530

વેચવાની છે દુકાન 1050 સ્કેવર ફિટ, Furnished, ગ્રાઉન્ડ ફ્લોર, અનંતા પરતી સર્કલ, વિષ્ણુધારા ગાર્ડનની પાછળ, ગોતા. 9067373126.

વેચાણ આપવાનો છે ફ્લેટ 2 B H K. ગોતા. Mob. 8866982307

વેચવાનો છે ફ્લેટ 118 વાર, 2 B H K શાંતિપુષ્પ એપાર્ટમેન્ટ, ગોતા. 9737911153

વેચવાનો છે ફ્લેટ 2 Bedroom, Hall, Kitchen 128 var, નિર્માણ ગ્રીન્સ, ગોતા. 8488044043

જોઇએ છે

તાત્કાલિક વેચાણ જોઇએ છે મકાન ફ્લેટ શાયોના ગોતા દલાલ સોરી 9879406441

ભાડે આપવાનું છે

ભાડે આપવાનો છે ફ્લેટ, 3 B H K, વંદેમાતરમ સીટી, ગોતા- 9327734179

ભાડે આપવાનો છે 2 બેડરૂમ ફ્લેટ ગોતા 8530030088 legacy realty

ભાડે આપવાનો છે ફ્લેટ, 3 B H K, ગોતા. 9998210219

મણિનગર-ખોખરા

For Sale Ground Floor Office, Sumel 2, Near New Cloth, Maninagar 9909148937

વેચવાનો છે ફ્લેટ 3 B H K 150 વાર ફર્નિશ સાથે જગાભાઈ પાર્ક મણિનગર 9825131165

વેચવાની છે દુકાન 150 ચોરસ ફૂટ, ગ્રાઉન્ડ ફ્લોર, રાજહંસ આર્કેડ, મણિનગર રેલ્વે સ્ટેશનની સામે, 9726276363

વેચવાની છે દુકાન 200 ચોરસ ફૂટ, First Floor, રાજહંસ પ્લેટ, મણિનગર રેલ્વે સ્ટેશનની સામે, 9726276363

વેચવાનો છે ફ્લેટ 3 B H K ફર્નિશ્ડ ગ્રાઉન્ડ ફ્લોર રામબાગ મણિનગર પ્રગતિ એસ્ટેટ 9824653005

વેચવાનો છે 5 B H K Bungalow, પ્લોટ 330 વાર, Fully Furnished, રામબાગ, મણિનગર, Sitanshu Shah 9898104442

વેચવાનો છે 3 BHK Flat, Fully Furnished (Only For Sindhi) મણિનગર, Sitanshu Shah 9898104442

તાત્કાલિક વેચવાનો છે 2 B H K Flat, 1st Floor, Spacious, મણિનગર, Sitanshu Shah 9898104442

વેચવાનો છે 2 B H K ફ્લેટ ફુલ્લી ફર્નિશ, જયહિંદ સ્કૂલ, મણિનગર. 7226043950

વેચવાનો છે 2 B H K ફ્લેટ મણિનગરમાં, બારોટભાઈ 9978080850

વેચવાનો છે બંગલો મણીનગર Prime Location 422 વાર. 6 બેડ, ચાર બાજુ ખુલ્લો, Sri Jalaram's 9825323459

વેચવાનું છે ટેનામેન્ટ મંગલેશ્વર મહાદેવ રોડ, મણિનગર, કેતન જોષી- 9825854478

વેચવાનો છે બંગલો રામબાગ, મણિનગર, 330 વાર પ્લોટ, અક્ષર- 9662116555

વેચવાનો છે પ્લોટ, 300 વારનો, વૈદિક વાડી, એલ. જી. હોસ્પિટલની સામે, જીવન કોમ્યુનિટી રોડ, મણિનગર. 38008 M. 9824022897/ 9925284830

વેચવાનો છે ફ્લેટ 4 B H K 365 વાર રામબાગ મણિનગર 9937273555

વેચવાનો છે ફ્લેટ 2 B H K, કર્ણાવતી ફ્લેટ- 3, મણિનગર. ફોન:- 8980007882

વેચવાની છે ઓફિસ 883 ફૂટ, ફર્નિશ, 1685 સ્કવેર ફીટ, પુષ્પકુંજ, મણિનગર. 9157064466

વેચવાનો છે ફ્લેટ, 2 B H K, 131 વાર, ઘોડાસર. 9428341628

વેચવાનું છે મકાન 131 વાર પાર્થ ગૌતમ સોસાયટી, શેલ્બી પાર્ક પાસે મણિનગર 9824032162

ક્લાસિફાઇડ
CLASSIFIEDS પ્રાઇમ પ્રોપર્ટી
(For Advt. Contact : 8799236001/2/3)
ગુજરાત સમાચાર
ટચુકડી જાહેરખબર
